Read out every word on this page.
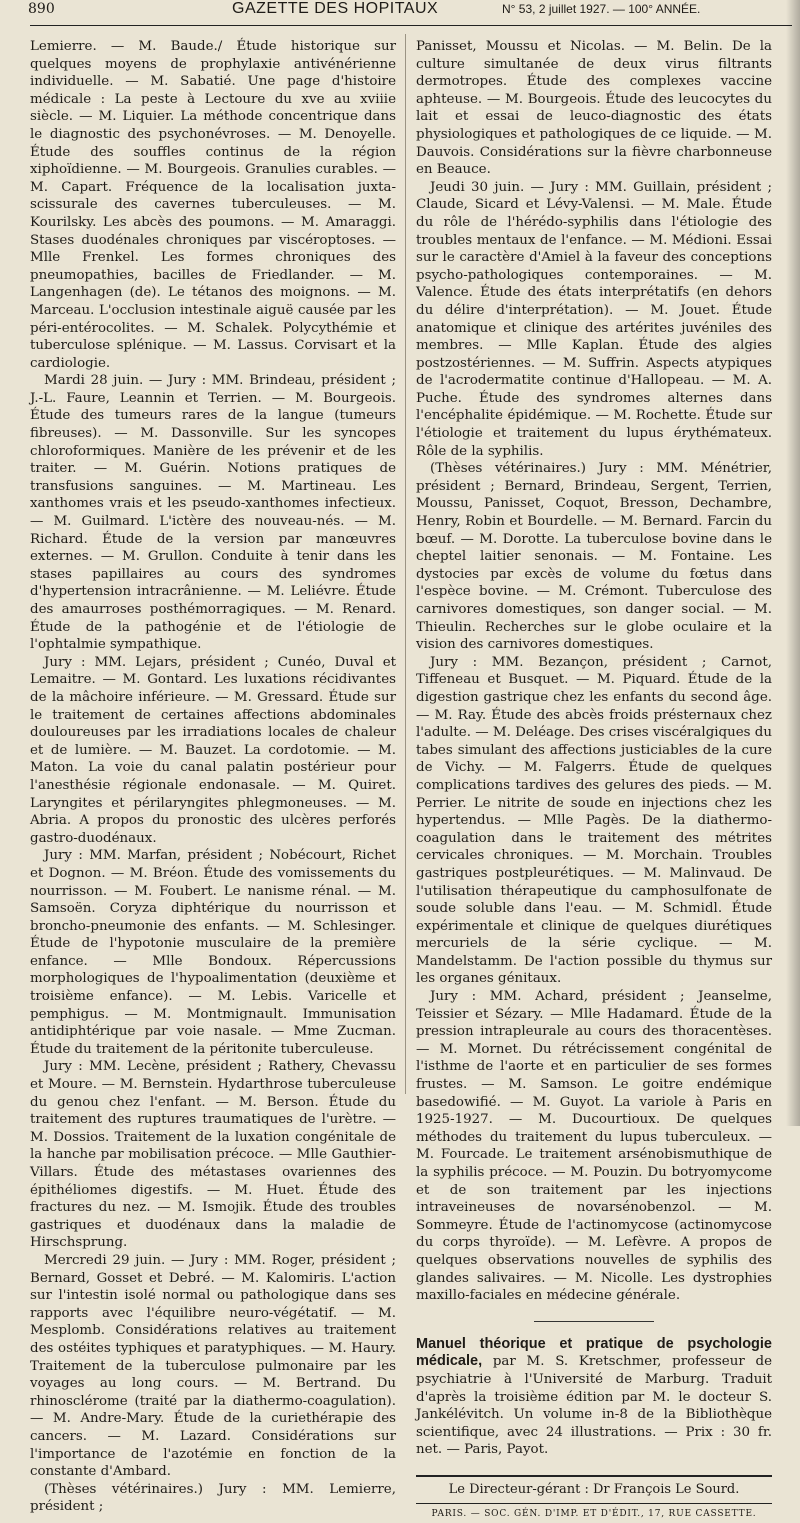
890	GAZETTE DES HOPITAUX	N° 53, 2 juillet 1927. — 100° ANNÉE.

Lemierre. — M. Baude./ Étude historique sur quelques moyens de prophylaxie antivénérienne individuelle. — M. Sabatié. Une page d'histoire médicale : La peste à Lectoure du xve au xviiie siècle. — M. Liquier. La méthode concentrique dans le diagnostic des psychonévroses. — M. Denoyelle. Étude des souffles continus de la région xiphoïdienne. — M. Bourgeois. Granulies curables. — M. Capart. Fréquence de la localisation juxta-scissurale des cavernes tuberculeuses. — M. Kourilsky. Les abcès des poumons. — M. Amaraggi. Stases duodénales chroniques par viscéroptoses. — Mlle Frenkel. Les formes chroniques des pneumopathies, bacilles de Friedlander. — M. Langenhagen (de). Le tétanos des moignons. — M. Marceau. L'occlusion intestinale aiguë causée par les péri-entérocolites. — M. Schalek. Polycythémie et tuberculose splénique. — M. Lassus. Corvisart et la cardiologie.

Mardi 28 juin. — Jury : MM. Brindeau, président ; J.-L. Faure, Leannin et Terrien. — M. Bourgeois. Étude des tumeurs rares de la langue (tumeurs fibreuses). — M. Dassonville. Sur les syncopes chloroformiques. Manière de les prévenir et de les traiter. — M. Guérin. Notions pratiques de transfusions sanguines. — M. Martineau. Les xanthomes vrais et les pseudo-xanthomes infectieux. — M. Guilmard. L'ictère des nouveau-nés. — M. Richard. Étude de la version par manœuvres externes. — M. Grullon. Conduite à tenir dans les stases papillaires au cours des syndromes d'hypertension intracrânienne. — M. Leliévre. Étude des amaurroses posthémorragiques. — M. Renard. Étude de la pathogénie et de l'étiologie de l'ophtalmie sympathique.

Jury : MM. Lejars, président ; Cunéo, Duval et Lemaitre. — M. Gontard. Les luxations récidivantes de la mâchoire inférieure. — M. Gressard. Étude sur le traitement de certaines affections abdominales douloureuses par les irradiations locales de chaleur et de lumière. — M. Bauzet. La cordotomie. — M. Maton. La voie du canal palatin postérieur pour l'anesthésie régionale endonasale. — M. Quiret. Laryngites et périlaryngites phlegmoneuses. — M. Abria. A propos du pronostic des ulcères perforés gastro-duodénaux.

Jury : MM. Marfan, président ; Nobécourt, Richet et Dognon. — M. Bréon. Étude des vomissements du nourrisson. — M. Foubert. Le nanisme rénal. — M. Samsoën. Coryza diphtérique du nourrisson et broncho-pneumonie des enfants. — M. Schlesinger. Étude de l'hypotonie musculaire de la première enfance. — Mlle Bondoux. Répercussions morphologiques de l'hypoalimentation (deuxième et troisième enfance). — M. Lebis. Varicelle et pemphigus. — M. Montmignault. Immunisation antidiphtérique par voie nasale. — Mme Zucman. Étude du traitement de la péritonite tuberculeuse.

Jury : MM. Lecène, président ; Rathery, Chevassu et Moure. — M. Bernstein. Hydarthrose tuberculeuse du genou chez l'enfant. — M. Berson. Étude du traitement des ruptures traumatiques de l'urètre. — M. Dossios. Traitement de la luxation congénitale de la hanche par mobilisation précoce. — Mlle Gauthier-Villars. Étude des métastases ovariennes des épithéliomes digestifs. — M. Huet. Étude des fractures du nez. — M. Ismojik. Étude des troubles gastriques et duodénaux dans la maladie de Hirschsprung.

Mercredi 29 juin. — Jury : MM. Roger, président ; Bernard, Gosset et Debré. — M. Kalomiris. L'action sur l'intestin isolé normal ou pathologique dans ses rapports avec l'équilibre neuro-végétatif. — M. Mesplomb. Considérations relatives au traitement des ostéites typhiques et paratyphiques. — M. Haury. Traitement de la tuberculose pulmonaire par les voyages au long cours. — M. Bertrand. Du rhinosclérome (traité par la diathermo-coagulation). — M. Andre-Mary. Étude de la curiethérapie des cancers. — M. Lazard. Considérations sur l'importance de l'azotémie en fonction de la constante d'Ambard.

(Thèses vétérinaires.) Jury : MM. Lemierre, président ;

Panisset, Moussu et Nicolas. — M. Belin. De la culture simultanée de deux virus filtrants dermotropes. Étude des complexes vaccine aphteuse. — M. Bourgeois. Étude des leucocytes du lait et essai de leuco-diagnostic des états physiologiques et pathologiques de ce liquide. — M. Dauvois. Considérations sur la fièvre charbonneuse en Beauce.

Jeudi 30 juin. — Jury : MM. Guillain, président ; Claude, Sicard et Lévy-Valensi. — M. Male. Étude du rôle de l'hérédo-syphilis dans l'étiologie des troubles mentaux de l'enfance. — M. Médioni. Essai sur le caractère d'Amiel à la faveur des conceptions psycho-pathologiques contemporaines. — M. Valence. Étude des états interprétatifs (en dehors du délire d'interprétation). — M. Jouet. Étude anatomique et clinique des artérites juvéniles des membres. — Mlle Kaplan. Étude des algies postzostériennes. — M. Suffrin. Aspects atypiques de l'acrodermatite continue d'Hallopeau. — M. A. Puche. Étude des syndromes alternes dans l'encéphalite épidémique. — M. Rochette. Étude sur l'étiologie et traitement du lupus érythémateux. Rôle de la syphilis.

(Thèses vétérinaires.) Jury : MM. Ménétrier, président ; Bernard, Brindeau, Sergent, Terrien, Moussu, Panisset, Coquot, Bresson, Dechambre, Henry, Robin et Bourdelle. — M. Bernard. Farcin du bœuf. — M. Dorotte. La tuberculose bovine dans le cheptel laitier senonais. — M. Fontaine. Les dystocies par excès de volume du fœtus dans l'espèce bovine. — M. Crémont. Tuberculose des carnivores domestiques, son danger social. — M. Thieulin. Recherches sur le globe oculaire et la vision des carnivores domestiques.

Jury : MM. Bezançon, président ; Carnot, Tiffeneau et Busquet. — M. Piquard. Étude de la digestion gastrique chez les enfants du second âge. — M. Ray. Étude des abcès froids présternaux chez l'adulte. — M. Deléage. Des crises viscéralgiques du tabes simulant des affections justiciables de la cure de Vichy. — M. Falgerrs. Étude de quelques complications tardives des gelures des pieds. — M. Perrier. Le nitrite de soude en injections chez les hypertendus. — Mlle Pagès. De la diathermo-coagulation dans le traitement des métrites cervicales chroniques. — M. Morchain. Troubles gastriques postpleurétiques. — M. Malinvaud. De l'utilisation thérapeutique du camphosulfonate de soude soluble dans l'eau. — M. Schmidl. Étude expérimentale et clinique de quelques diurétiques mercuriels de la série cyclique. — M. Mandelstamm. De l'action possible du thymus sur les organes génitaux.

Jury : MM. Achard, président ; Jeanselme, Teissier et Sézary. — Mlle Hadamard. Étude de la pression intrapleurale au cours des thoracentèses. — M. Mornet. Du rétrécissement congénital de l'isthme de l'aorte et en particulier de ses formes frustes. — M. Samson. Le goitre endémique basedowifié. — M. Guyot. La variole à Paris en 1925-1927. — M. Ducourtioux. De quelques méthodes du traitement du lupus tuberculeux. — M. Fourcade. Le traitement arsénobismuthique de la syphilis précoce. — M. Pouzin. Du botryomycome et de son traitement par les injections intraveineuses de novarsénobenzol. — M. Sommeyre. Étude de l'actinomycose (actinomycose du corps thyroïde). — M. Lefèvre. A propos de quelques observations nouvelles de syphilis des glandes salivaires. — M. Nicolle. Les dystrophies maxillo-faciales en médecine générale.

Manuel théorique et pratique de psychologie médicale, par M. S. Kretschmer, professeur de psychiatrie à l'Université de Marburg. Traduit d'après la troisième édition par M. le docteur S. Jankélévitch. Un volume in-8 de la Bibliothèque scientifique, avec 24 illustrations. — Prix : 30 fr. net. — Paris, Payot.

Le Directeur-gérant : Dr François Le Sourd.

PARIS. — SOC. GÉN. D'IMP. ET D'ÉDIT., 17, RUE CASSETTE.
